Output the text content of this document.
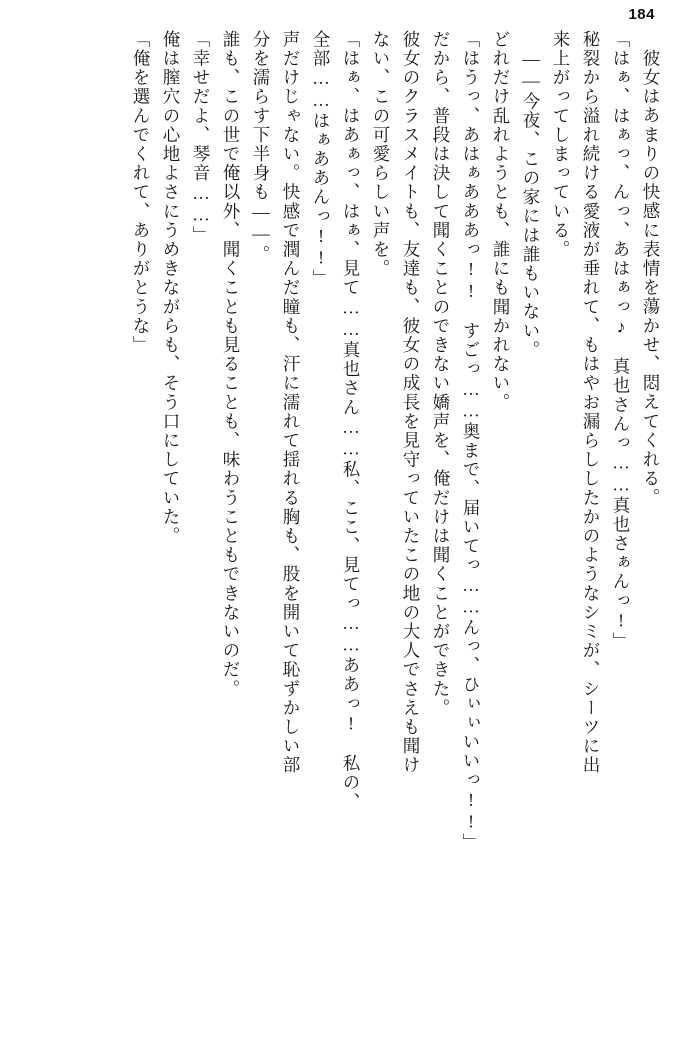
184
彼女はあまりの快感に表情を蕩かせ、悶えてくれる。
「はぁ、はぁっ、んっ、あはぁっ♪　真也さんっ……真也さぁんっ!」
秘裂から溢れ続ける愛液が垂れて、もはやお漏らししたかのようなシミが、シーツに出
来上がってしまっている。
――今夜、この家には誰もいない。
どれだけ乱れようとも、誰にも聞かれない。
「はうっ、あはぁあああっ!!　すごっ……奥まで、届いてっ……んっ、ひぃぃいいっ!!」
だから、普段は決して聞くことのできない嬌声を、俺だけは聞くことができた。
彼女のクラスメイトも、友達も、彼女の成長を見守っていたこの地の大人でさえも聞け
ない、この可愛らしい声を。
「はぁ、はあぁっ、はぁ、見て……真也さん……私、ここ、見てっ……ああっ!　私の、
全部……はぁああんっ!!」
声だけじゃない。快感で潤んだ瞳も、汗に濡れて揺れる胸も、股を開いて恥ずかしい部
分を濡らす下半身も――。
誰も、この世で俺以外、聞くことも見ることも、味わうこともできないのだ。
「幸せだよ、琴音……」
俺は膣穴の心地よさにうめきながらも、そう口にしていた。
「俺を選んでくれて、ありがとうな」
